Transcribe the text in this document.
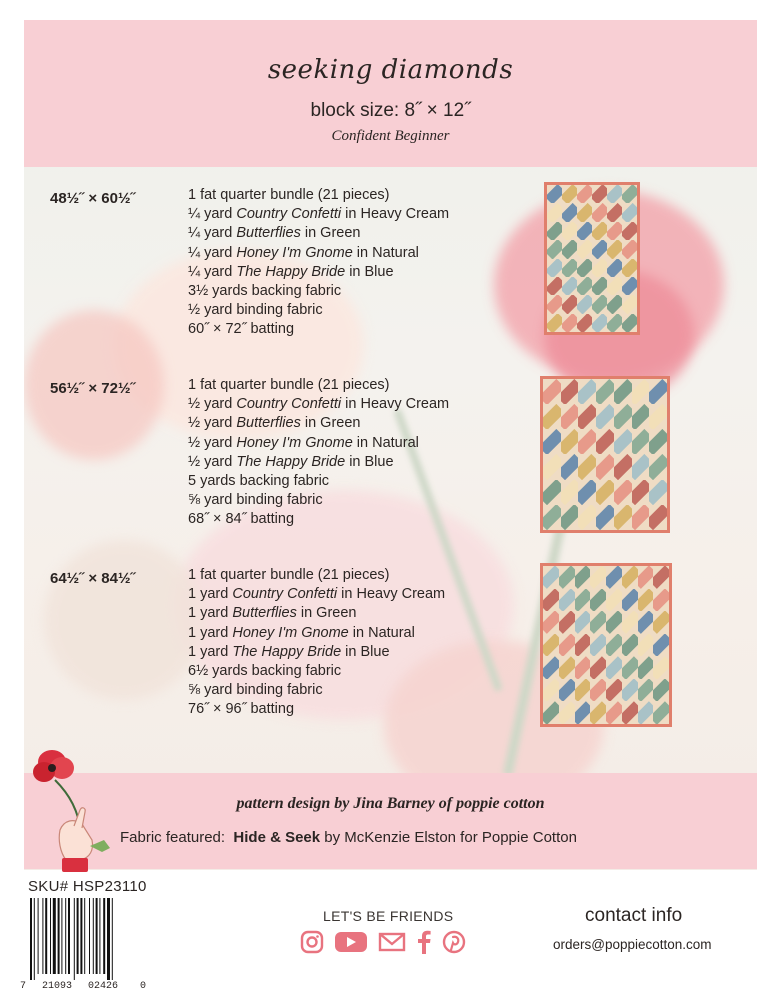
seeking diamonds
block size: 8˝ × 12˝
Confident Beginner
48½˝ × 60½˝	1 fat quarter bundle (21 pieces)
¼ yard Country Confetti in Heavy Cream
¼ yard Butterflies in Green
¼ yard Honey I'm Gnome in Natural
¼ yard The Happy Bride in Blue
3½ yards backing fabric
½ yard binding fabric
60˝ × 72˝ batting
56½˝ × 72½˝	1 fat quarter bundle (21 pieces)
½ yard Country Confetti in Heavy Cream
½ yard Butterflies in Green
½ yard Honey I'm Gnome in Natural
½ yard The Happy Bride in Blue
5 yards backing fabric
⅝ yard binding fabric
68˝ × 84˝ batting
64½˝ × 84½˝	1 fat quarter bundle (21 pieces)
1 yard Country Confetti in Heavy Cream
1 yard Butterflies in Green
1 yard Honey I'm Gnome in Natural
1 yard The Happy Bride in Blue
6½ yards backing fabric
⅝ yard binding fabric
76˝ × 96˝ batting
pattern design by Jina Barney of poppie cotton
Fabric featured: Hide & Seek by McKenzie Elston for Poppie Cotton
SKU# HSP23110
7 21093 02426 0
LET'S BE FRIENDS	contact info
orders@poppiecotton.com
